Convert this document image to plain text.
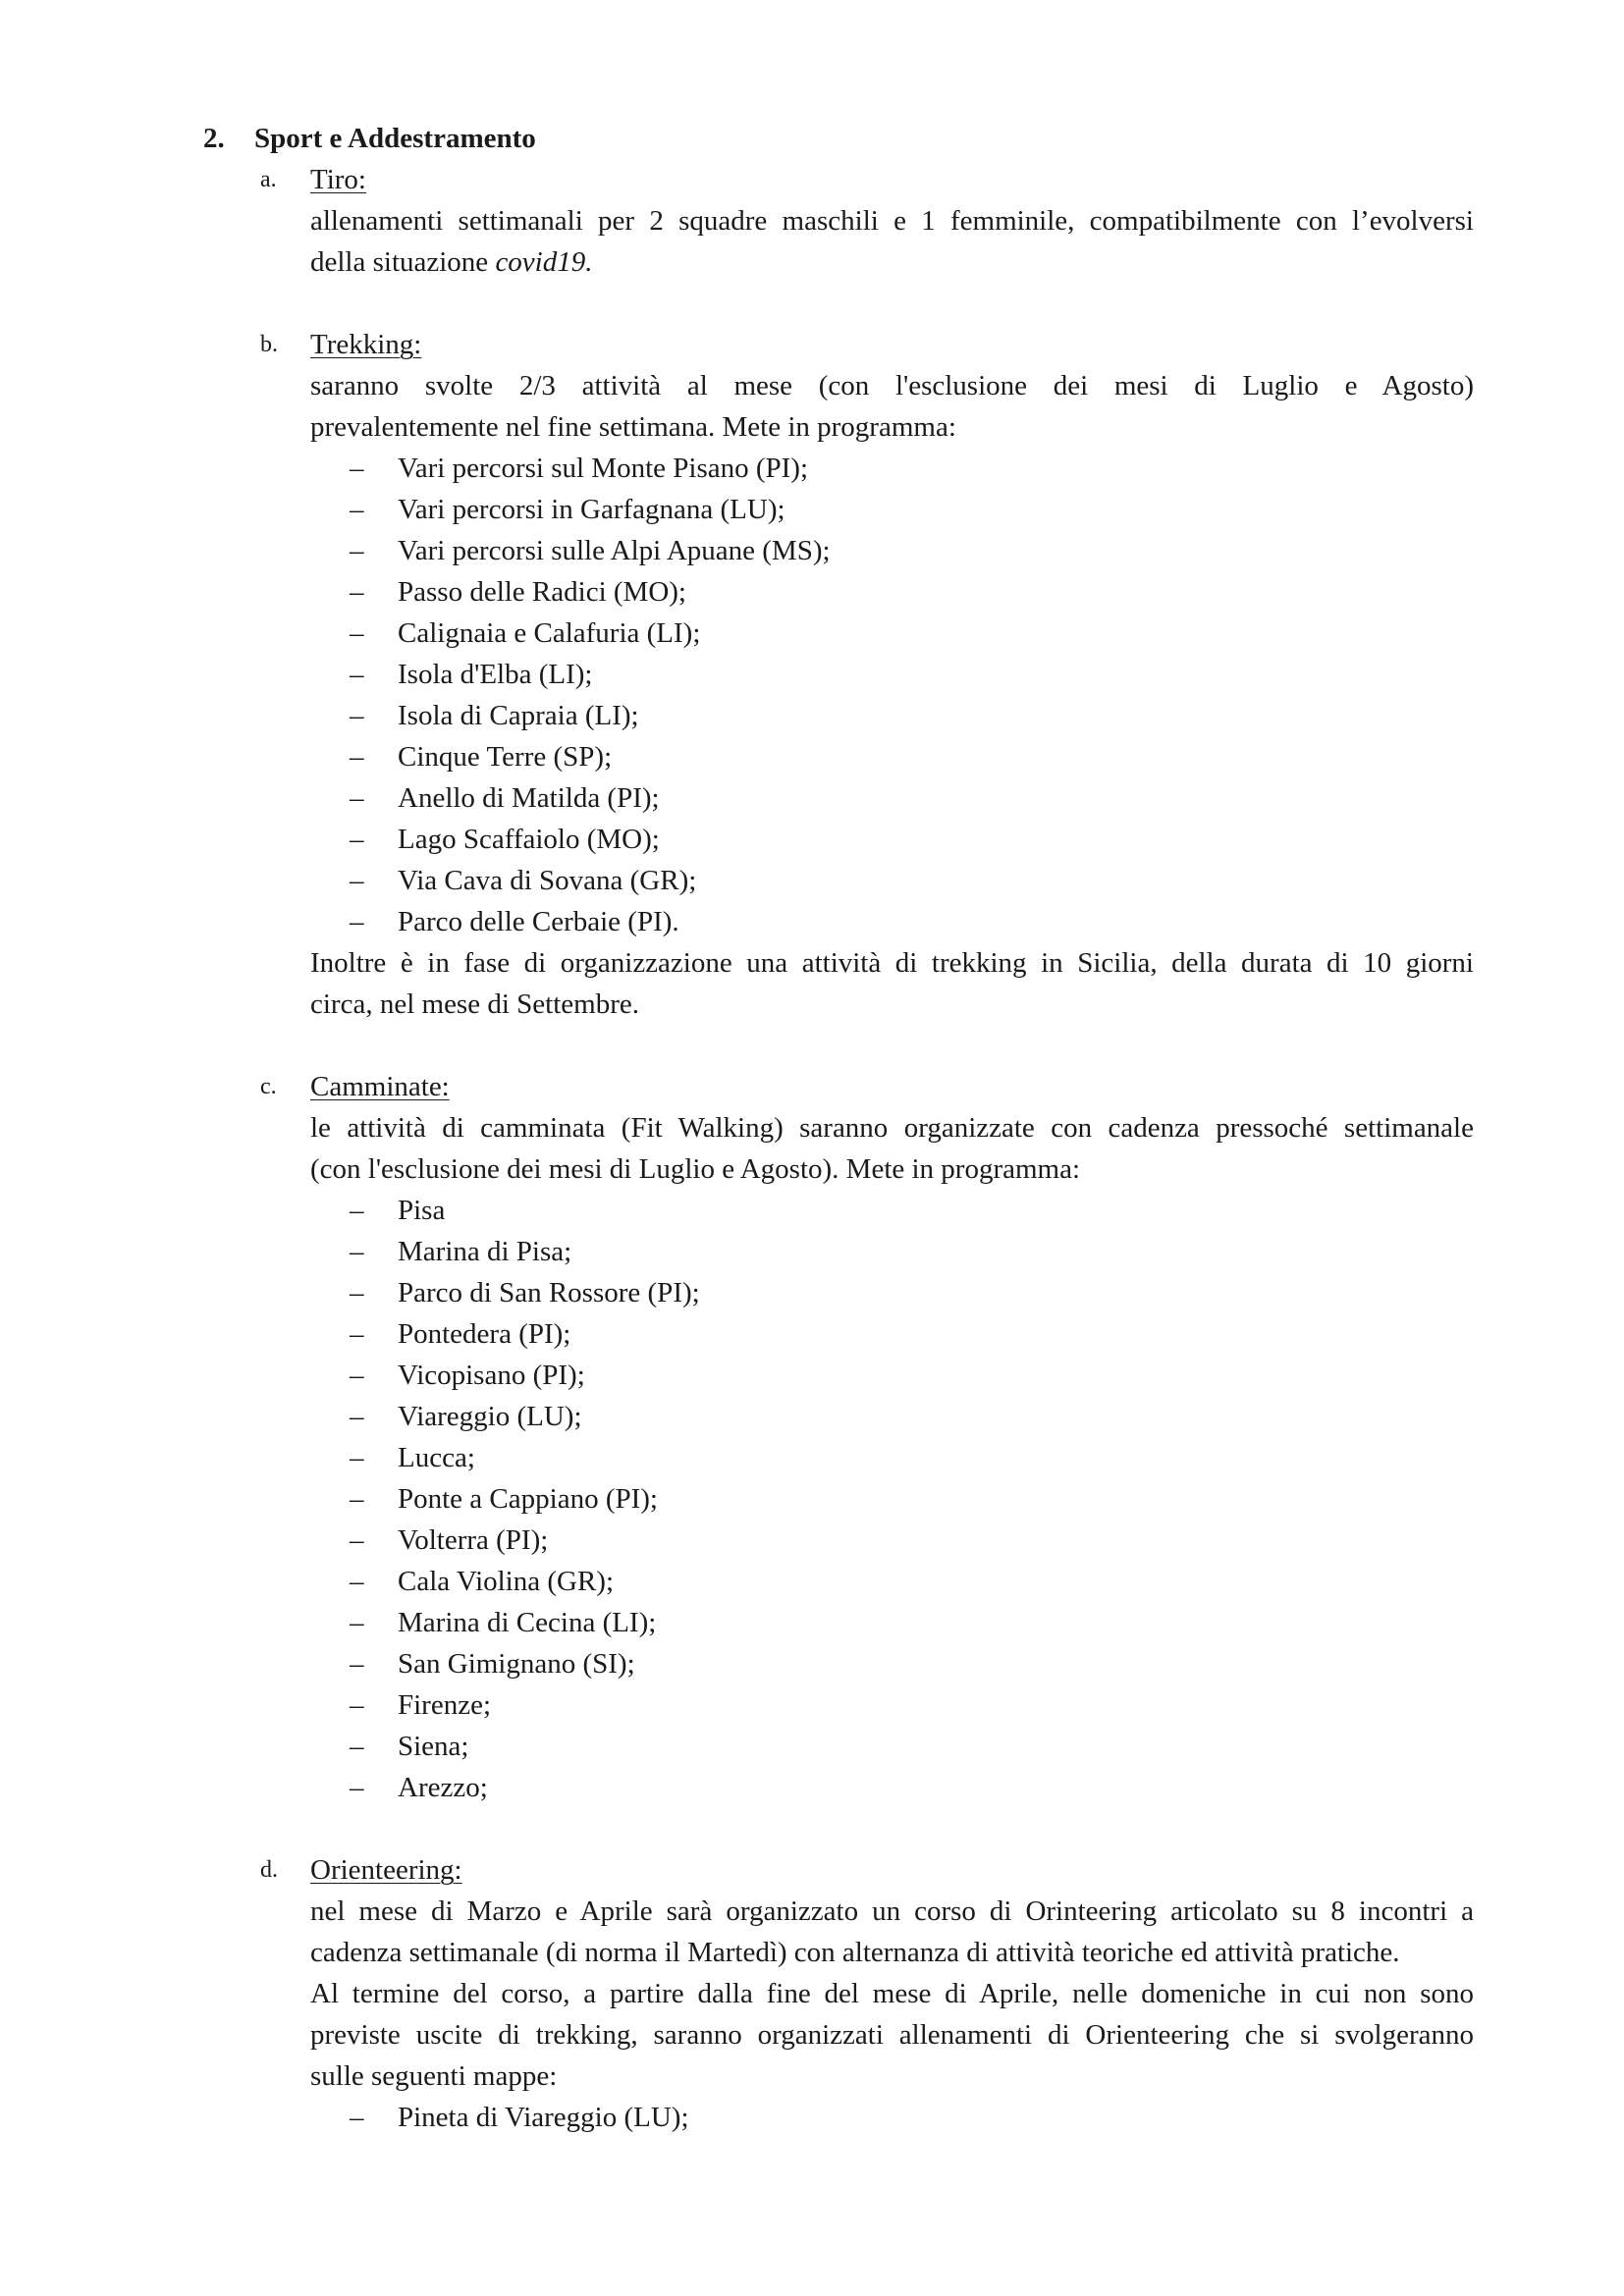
2. Sport e Addestramento
a. Tiro:
allenamenti settimanali per 2 squadre maschili e 1 femminile, compatibilmente con l’evolversi
della situazione covid19.
b. Trekking:
saranno svolte 2/3 attività al mese (con l'esclusione dei mesi di Luglio e Agosto)
prevalentemente nel fine settimana. Mete in programma:
– Vari percorsi sul Monte Pisano (PI);
– Vari percorsi in Garfagnana (LU);
– Vari percorsi sulle Alpi Apuane (MS);
– Passo delle Radici (MO);
– Calignaia e Calafuria (LI);
– Isola d'Elba (LI);
– Isola di Capraia (LI);
– Cinque Terre (SP);
– Anello di Matilda (PI);
– Lago Scaffaiolo (MO);
– Via Cava di Sovana (GR);
– Parco delle Cerbaie (PI).
Inoltre è in fase di organizzazione una attività di trekking in Sicilia, della durata di 10 giorni
circa, nel mese di Settembre.
c. Camminate:
le attività di camminata (Fit Walking) saranno organizzate con cadenza pressoché settimanale
(con l'esclusione dei mesi di Luglio e Agosto). Mete in programma:
– Pisa
– Marina di Pisa;
– Parco di San Rossore (PI);
– Pontedera (PI);
– Vicopisano (PI);
– Viareggio (LU);
– Lucca;
– Ponte a Cappiano (PI);
– Volterra (PI);
– Cala Violina (GR);
– Marina di Cecina (LI);
– San Gimignano (SI);
– Firenze;
– Siena;
– Arezzo;
d. Orienteering:
nel mese di Marzo e Aprile sarà organizzato un corso di Orinteering articolato su 8 incontri a
cadenza settimanale (di norma il Martedì) con alternanza di attività teoriche ed attività pratiche.
Al termine del corso, a partire dalla fine del mese di Aprile, nelle domeniche in cui non sono
previste uscite di trekking, saranno organizzati allenamenti di Orienteering che si svolgeranno
sulle seguenti mappe:
– Pineta di Viareggio (LU);
